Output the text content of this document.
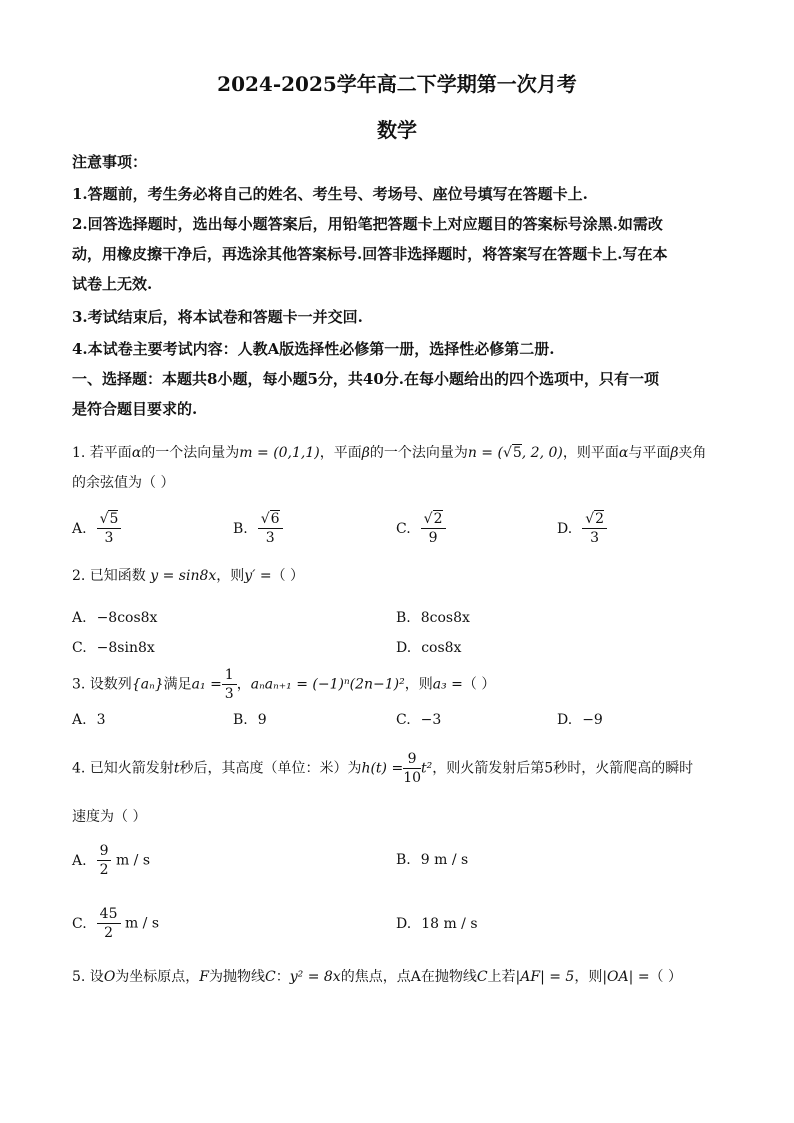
2024-2025学年高二下学期第一次月考
数学
注意事项：
1.答题前，考生务必将自己的姓名、考生号、考场号、座位号填写在答题卡上.
2.回答选择题时，选出每小题答案后，用铅笔把答题卡上对应题目的答案标号涂黑.如需改
动，用橡皮擦干净后，再选涂其他答案标号.回答非选择题时，将答案写在答题卡上.写在本
试卷上无效.
3.考试结束后，将本试卷和答题卡一并交回.
4.本试卷主要考试内容：人教A版选择性必修第一册，选择性必修第二册.
一、选择题：本题共8小题，每小题5分，共40分.在每小题给出的四个选项中，只有一项
是符合题目要求的.
1. 若平面α的一个法向量为m = (0,1,1)，平面β的一个法向量为n = (√5, 2, 0)，则平面α与平面β夹角
的余弦值为（ ）
A. $\frac{√5}{3}$	B. $\frac{√6}{3}$	C. $\frac{√2}{9}$	D. $\frac{√2}{3}$
2. 已知函数 y = sin8x，则y′ =（ ）
A. −8cos8x	B. 8cos8x
C. −8sin8x	D. cos8x
3. 设数列{aₙ}满足$a_1 = \frac{1}{3}$ ，aₙaₙ₊₁ = (−1)ⁿ(2n−1)²，则a₃ =（ ）
A. 3	B. 9	C. −3	D. −9
4. 已知火箭发射t秒后，其高度（单位：米）为$h(t) = \frac{9}{10} t^2$，则火箭发射后第5秒时，火箭爬高的瞬时
速度为（ ）
A. $\frac{9}{2}$ m / s	B. 9 m / s
C. $\frac{45}{2}$ m / s	D. 18 m / s
5. 设O为坐标原点，F为抛物线C：y² = 8x的焦点，点A在抛物线C上若|AF| = 5，则|OA| =（ ）
